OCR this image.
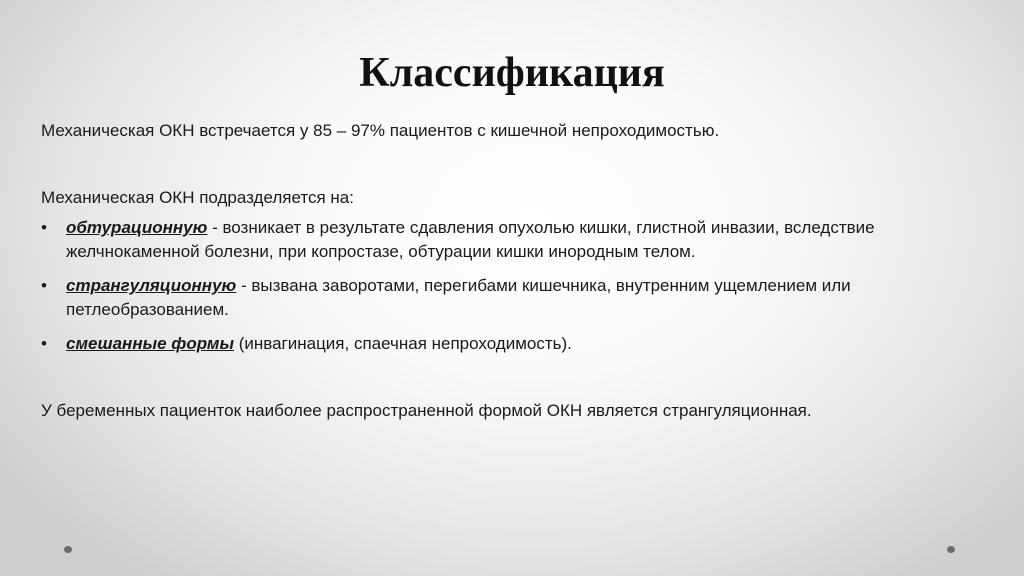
Классификация

Механическая ОКН встречается у 85 – 97% пациентов с кишечной непроходимостью.

Механическая ОКН подразделяется на:

• обтурационную - возникает в результате сдавления опухолью кишки, глистной инвазии, вследствие желчнокаменной болезни, при копростазе, обтурации кишки инородным телом.
• странгуляционную - вызвана заворотами, перегибами кишечника, внутренним ущемлением или петлеобразованием.
• смешанные формы (инвагинация, спаечная непроходимость).

У беременных пациенток наиболее распространенной формой ОКН является странгуляционная.
